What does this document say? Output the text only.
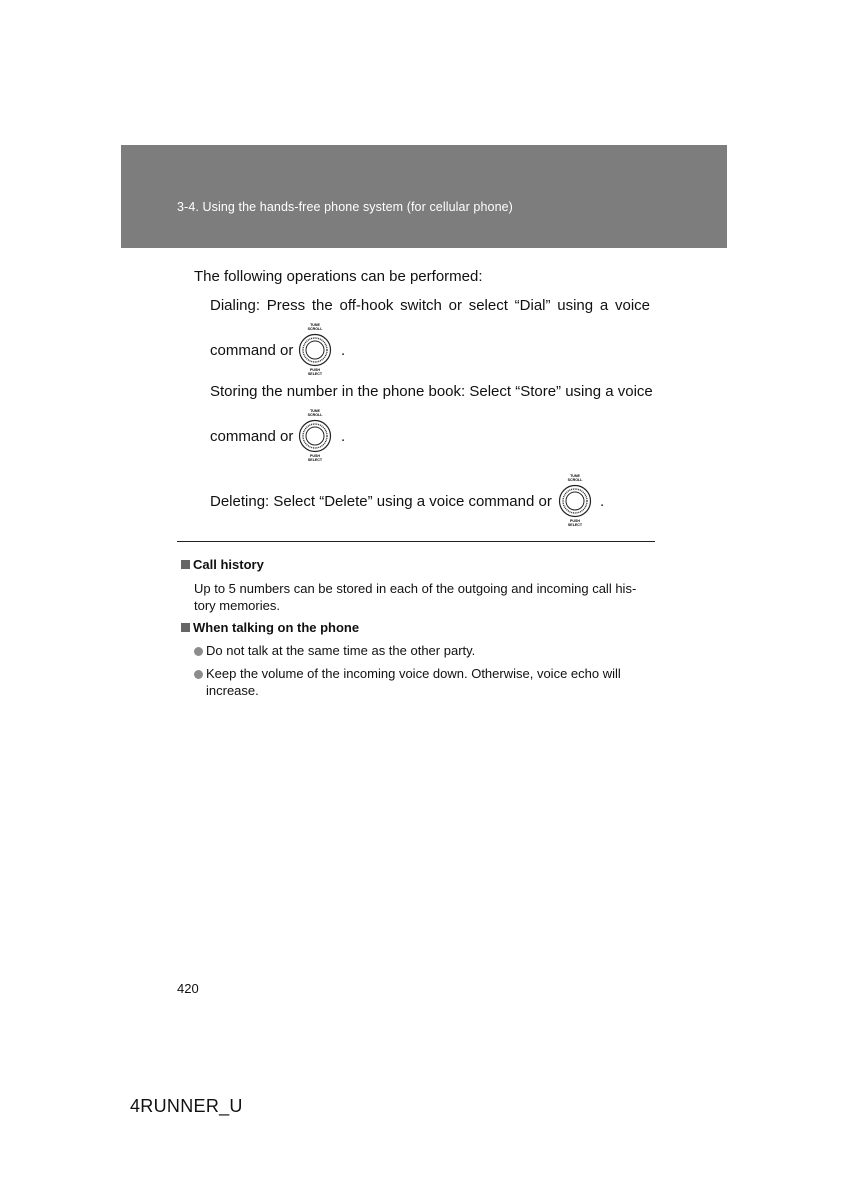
3-4. Using the hands-free phone system (for cellular phone)
The following operations can be performed:
Dialing: Press the off-hook switch or select “Dial” using a voice
command or
TUNE
SCROLL
PUSH
SELECT
.
Storing the number in the phone book: Select “Store” using a voice
command or
TUNE
SCROLL
PUSH
SELECT
.
Deleting: Select “Delete” using a voice command or
TUNE
SCROLL
PUSH
SELECT
.
Call history
Up to 5 numbers can be stored in each of the outgoing and incoming call his-
tory memories.
When talking on the phone
Do not talk at the same time as the other party.
Keep the volume of the incoming voice down. Otherwise, voice echo will
increase.
420
4RUNNER_U
